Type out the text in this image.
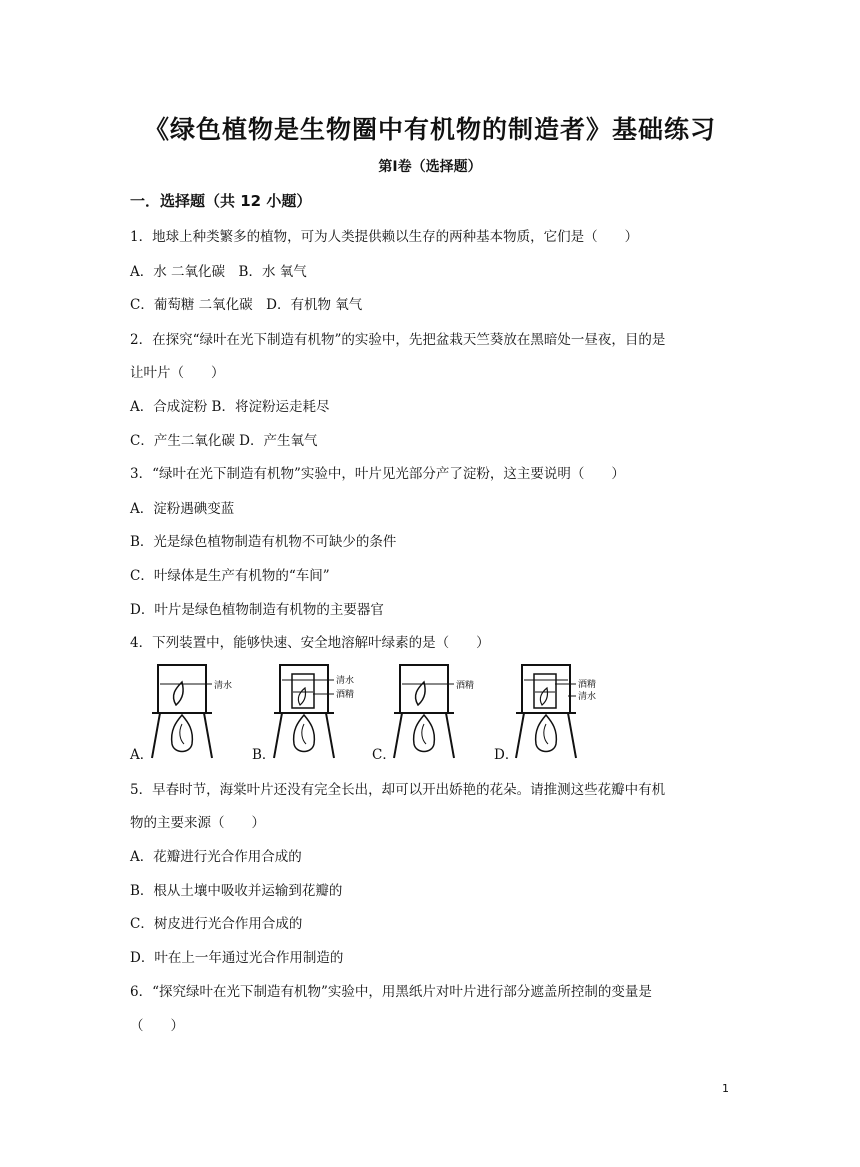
《绿色植物是生物圈中有机物的制造者》基础练习
第Ⅰ卷（选择题）
一．选择题（共 12 小题）
1．地球上种类繁多的植物，可为人类提供赖以生存的两种基本物质，它们是（　　）
A．水 二氧化碳　B．水 氧气
C．葡萄糖 二氧化碳　D．有机物 氧气
2．在探究“绿叶在光下制造有机物”的实验中，先把盆栽天竺葵放在黑暗处一昼夜，目的是
让叶片（　　）
A．合成淀粉 B．将淀粉运走耗尽
C．产生二氧化碳 D．产生氧气
3．“绿叶在光下制造有机物”实验中，叶片见光部分产了淀粉，这主要说明（　　）
A．淀粉遇碘变蓝
B．光是绿色植物制造有机物不可缺少的条件
C．叶绿体是生产有机物的“车间”
D．叶片是绿色植物制造有机物的主要器官
4．下列装置中，能够快速、安全地溶解叶绿素的是（　　）
清水
A．
清水
酒精
B．
酒精
C．
酒精
清水
D．
5．早春时节，海棠叶片还没有完全长出，却可以开出娇艳的花朵。请推测这些花瓣中有机
物的主要来源（　　）
A．花瓣进行光合作用合成的
B．根从土壤中吸收并运输到花瓣的
C．树皮进行光合作用合成的
D．叶在上一年通过光合作用制造的
6．“探究绿叶在光下制造有机物”实验中，用黑纸片对叶片进行部分遮盖所控制的变量是
（　　）
1
